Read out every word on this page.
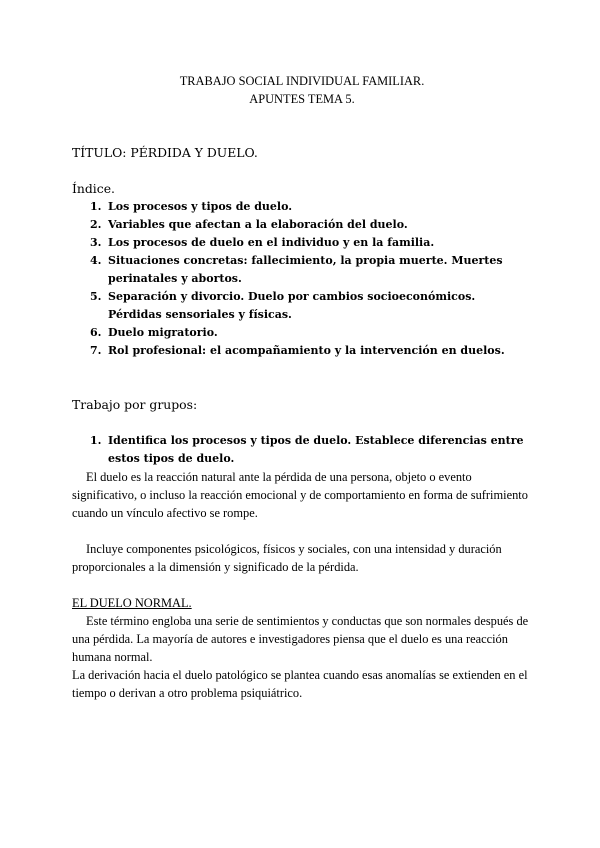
TRABAJO SOCIAL INDIVIDUAL FAMILIAR.
APUNTES TEMA 5.
TÍTULO: PÉRDIDA Y DUELO.
Índice.
1. Los procesos y tipos de duelo.
2. Variables que afectan a la elaboración del duelo.
3. Los procesos de duelo en el individuo y en la familia.
4. Situaciones concretas: fallecimiento, la propia muerte. Muertes perinatales y abortos.
5. Separación y divorcio. Duelo por cambios socioeconómicos. Pérdidas sensoriales y físicas.
6. Duelo migratorio.
7. Rol profesional: el acompañamiento y la intervención en duelos.
Trabajo por grupos:
1. Identifica los procesos y tipos de duelo. Establece diferencias entre estos tipos de duelo.
El duelo es la reacción natural ante la pérdida de una persona, objeto o evento significativo, o incluso la reacción emocional y de comportamiento en forma de sufrimiento cuando un vínculo afectivo se rompe.
Incluye componentes psicológicos, físicos y sociales, con una intensidad y duración proporcionales a la dimensión y significado de la pérdida.
EL DUELO NORMAL.
Este término engloba una serie de sentimientos y conductas que son normales después de una pérdida. La mayoría de autores e investigadores piensa que el duelo es una reacción humana normal.
La derivación hacia el duelo patológico se plantea cuando esas anomalías se extienden en el tiempo o derivan a otro problema psiquiátrico.
